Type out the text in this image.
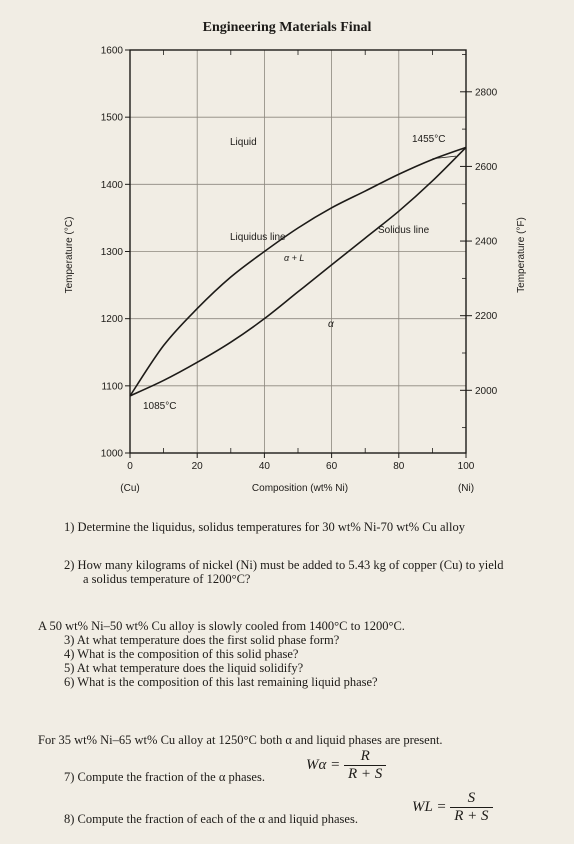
Engineering Materials Final
1000
1100
1200
1300
1400
1500
1600
2000
2200
2400
2600
2800
0	20	40	60	80	100
Temperature (°C)	Temperature (°F)
Composition (wt% Ni)
(Cu)	(Ni)
Liquid	1455°C
Liquidus line
Solidus line
α + L
α
1085°C
1) Determine the liquidus, solidus temperatures for 30 wt% Ni-70 wt% Cu alloy
2) How many kilograms of nickel (Ni) must be added to 5.43 kg of copper (Cu) to yield
a solidus temperature of 1200°C?
A 50 wt% Ni–50 wt% Cu alloy is slowly cooled from 1400°C to 1200°C.
3) At what temperature does the first solid phase form?
4) What is the composition of this solid phase?
5) At what temperature does the liquid solidify?
6) What is the composition of this last remaining liquid phase?
For 35 wt% Ni–65 wt% Cu alloy at 1250°C both α and liquid phases are present.
7) Compute the fraction of the α phases.
8) Compute the fraction of each of the α and liquid phases.
$W\alpha = \frac{R}{R + S}$
WL = $\frac{S}{R + S}$
